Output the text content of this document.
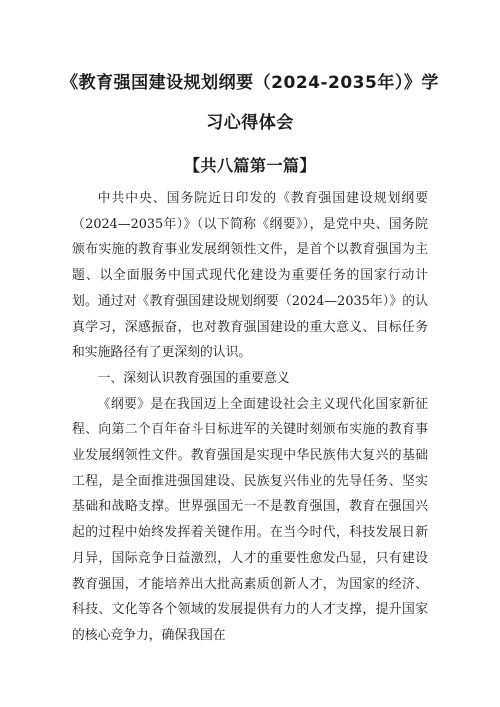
《教育强国建设规划纲要（2024-2035年）》学
习心得体会
【共八篇第一篇】

中共中央、国务院近日印发的《教育强国建设规划纲要（2024—2035年）》（以下简称《纲要》），是党中央、国务院颁布实施的教育事业发展纲领性文件，是首个以教育强国为主题、以全面服务中国式现代化建设为重要任务的国家行动计划。通过对《教育强国建设规划纲要（2024—2035年）》的认真学习，深感振奋，也对教育强国建设的重大意义、目标任务和实施路径有了更深刻的认识。

一、深刻认识教育强国的重要意义

《纲要》是在我国迈上全面建设社会主义现代化国家新征程、向第二个百年奋斗目标进军的关键时刻颁布实施的教育事业发展纲领性文件。教育强国是实现中华民族伟大复兴的基础工程，是全面推进强国建设、民族复兴伟业的先导任务、坚实基础和战略支撑。世界强国无一不是教育强国，教育在强国兴起的过程中始终发挥着关键作用。在当今时代，科技发展日新月异，国际竞争日益激烈，人才的重要性愈发凸显，只有建设教育强国，才能培养出大批高素质创新人才，为国家的经济、科技、文化等各个领域的发展提供有力的人才支撑，提升国家的核心竞争力，确保我国在
